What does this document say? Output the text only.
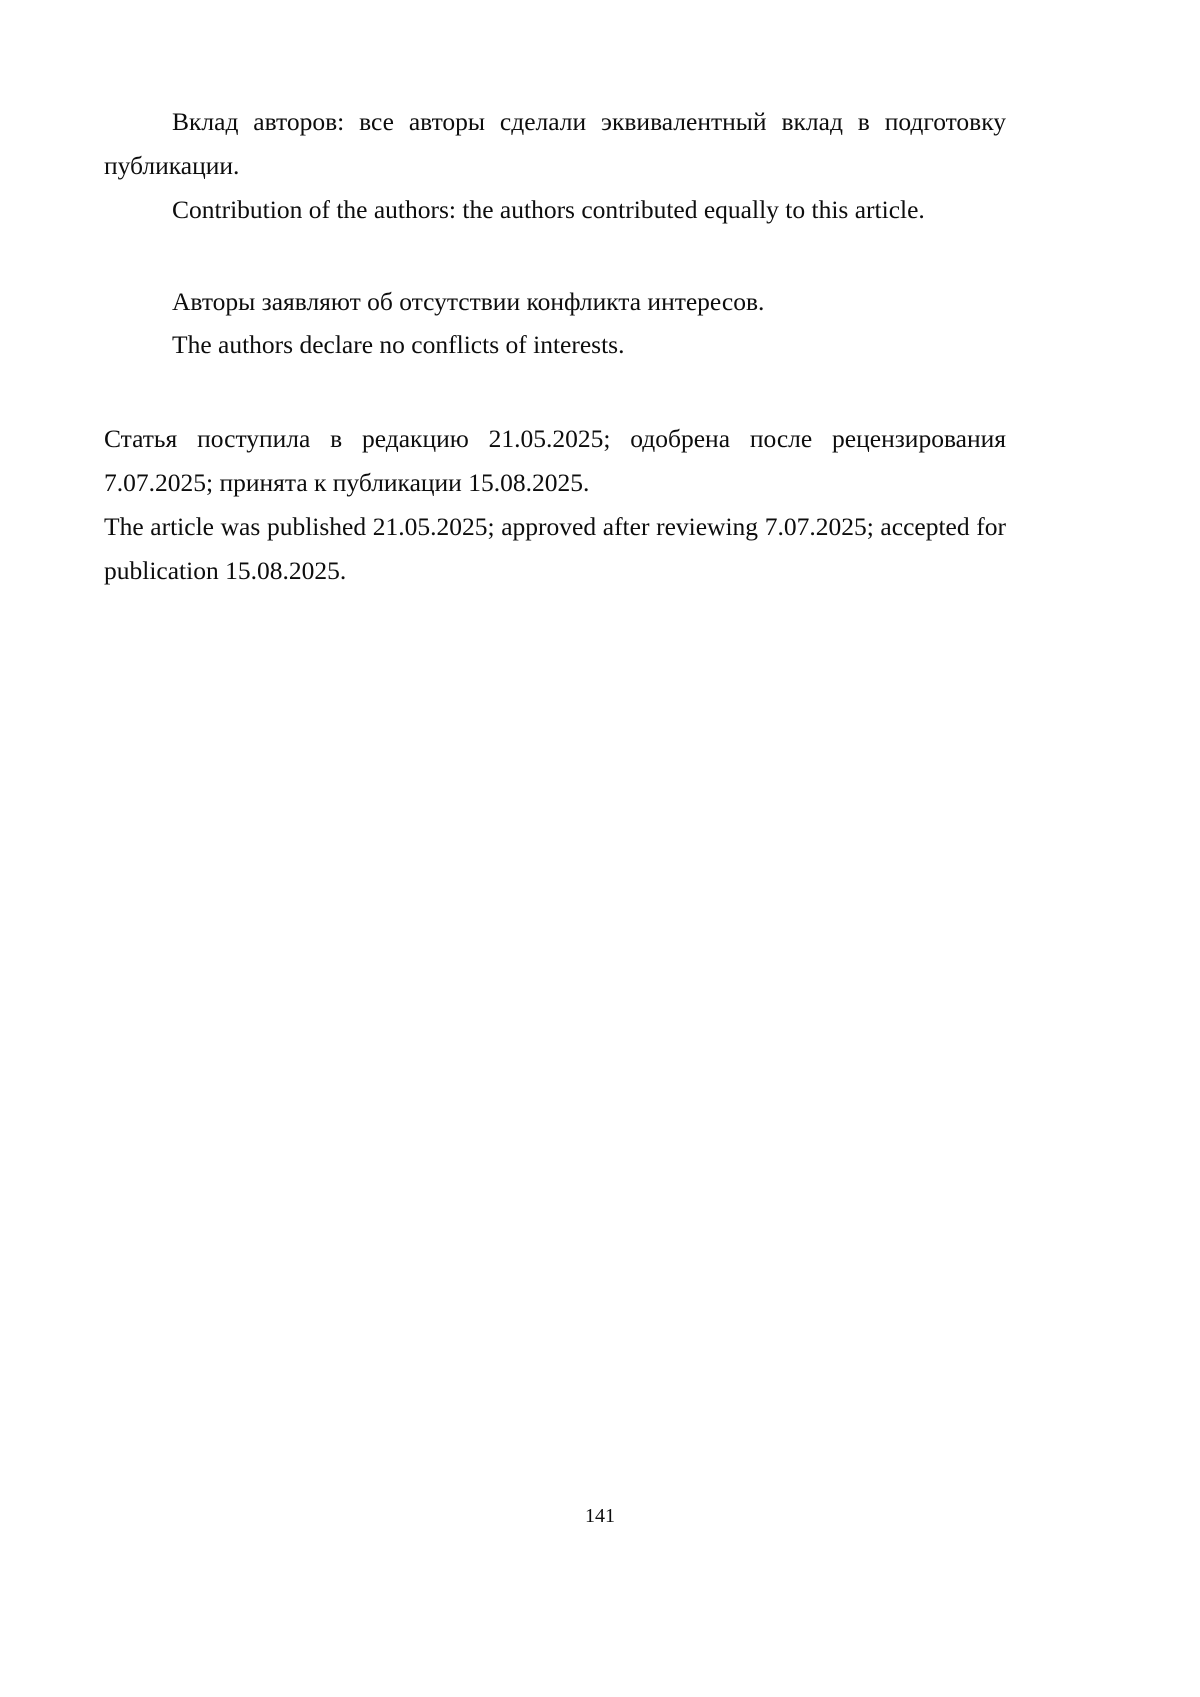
Вклад авторов: все авторы сделали эквивалентный вклад в подготовку публикации.

Contribution of the authors: the authors contributed equally to this article.

Авторы заявляют об отсутствии конфликта интересов.

The authors declare no conflicts of interests.

Статья поступила в редакцию 21.05.2025; одобрена после рецензирования 7.07.2025; принята к публикации 15.08.2025.

The article was published 21.05.2025; approved after reviewing 7.07.2025; accepted for publication 15.08.2025.

141
